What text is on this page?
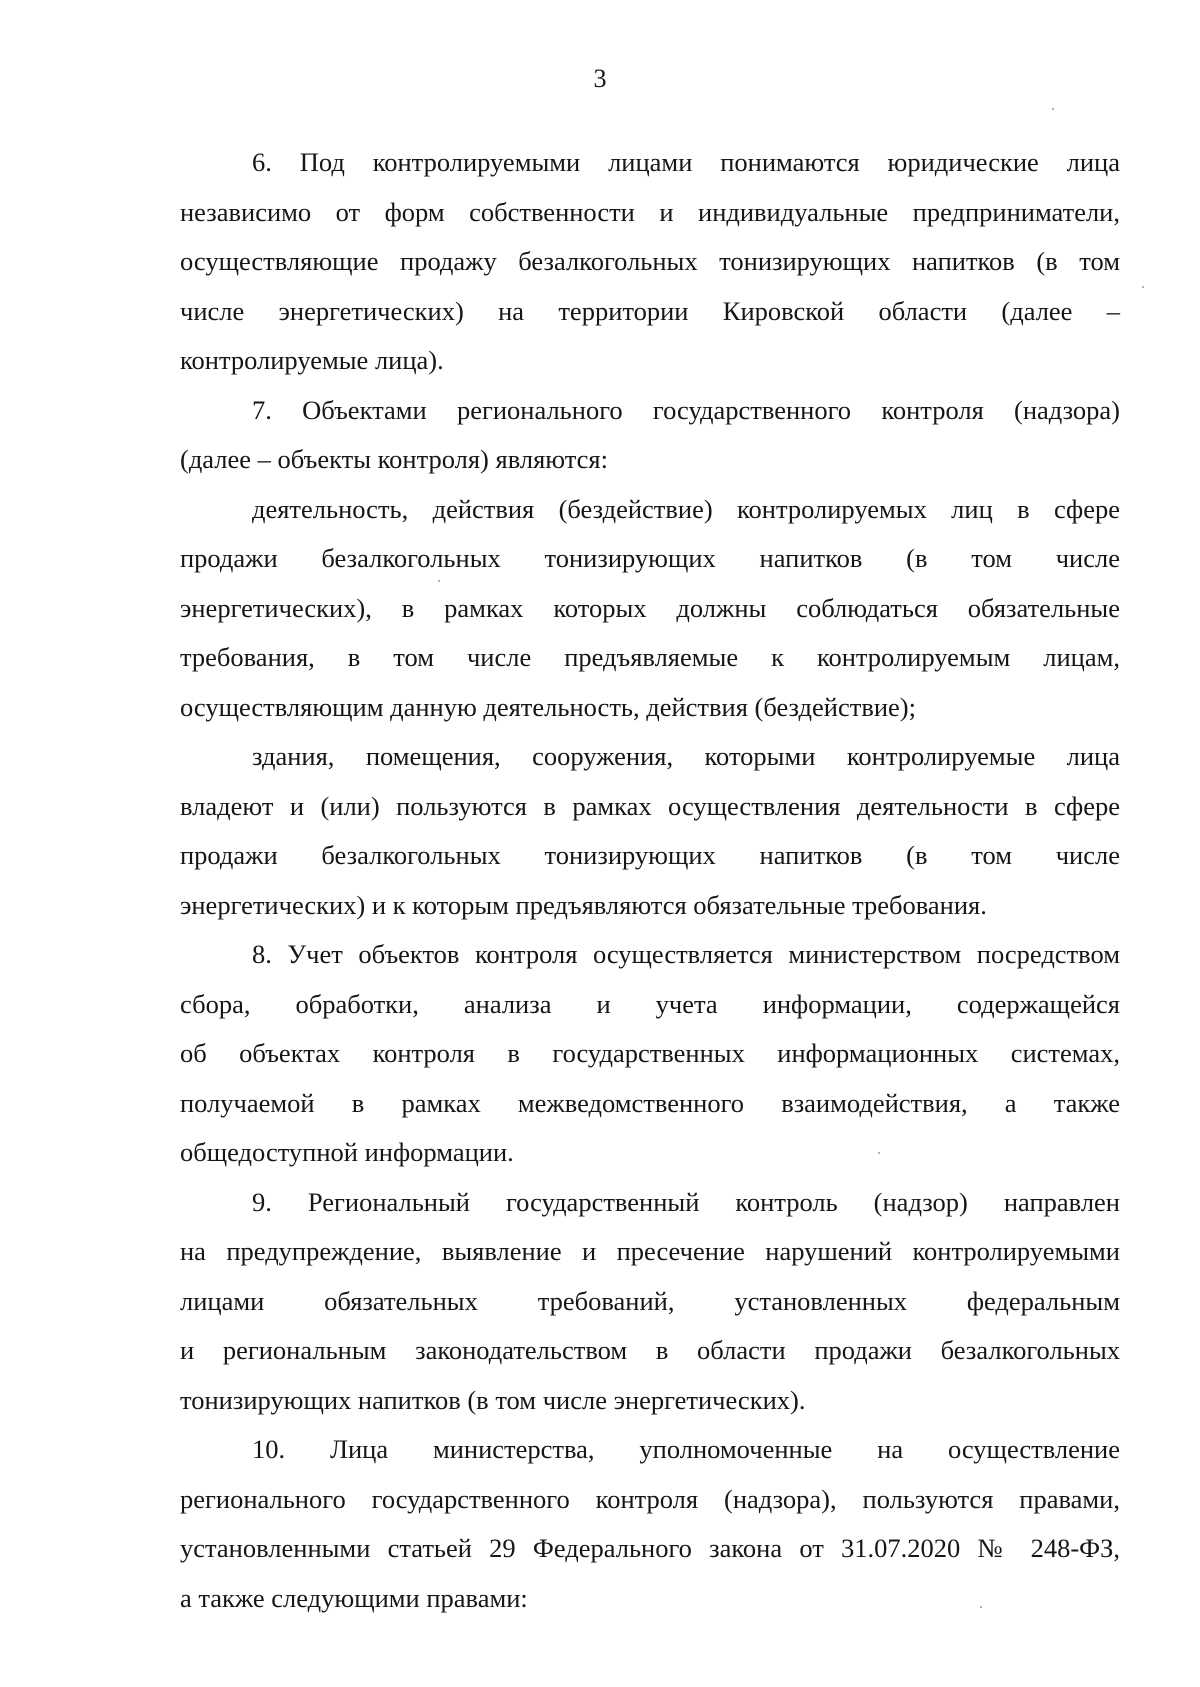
3
6. Под контролируемыми лицами понимаются юридические лица
независимо от форм собственности и индивидуальные предприниматели,
осуществляющие продажу безалкогольных тонизирующих напитков (в том
числе энергетических) на территории Кировской области (далее –
контролируемые лица).
7. Объектами регионального государственного контроля (надзора)
(далее – объекты контроля) являются:
деятельность, действия (бездействие) контролируемых лиц в сфере
продажи безалкогольных тонизирующих напитков (в том числе
энергетических), в рамках которых должны соблюдаться обязательные
требования, в том числе предъявляемые к контролируемым лицам,
осуществляющим данную деятельность, действия (бездействие);
здания, помещения, сооружения, которыми контролируемые лица
владеют и (или) пользуются в рамках осуществления деятельности в сфере
продажи безалкогольных тонизирующих напитков (в том числе
энергетических) и к которым предъявляются обязательные требования.
8. Учет объектов контроля осуществляется министерством посредством
сбора, обработки, анализа и учета информации, содержащейся
об объектах контроля в государственных информационных системах,
получаемой в рамках межведомственного взаимодействия, а также
общедоступной информации.
9. Региональный государственный контроль (надзор) направлен
на предупреждение, выявление и пресечение нарушений контролируемыми
лицами обязательных требований, установленных федеральным
и региональным законодательством в области продажи безалкогольных
тонизирующих напитков (в том числе энергетических).
10. Лица министерства, уполномоченные на осуществление
регионального государственного контроля (надзора), пользуются правами,
установленными статьей 29 Федерального закона от 31.07.2020 № 248-ФЗ,
а также следующими правами:
